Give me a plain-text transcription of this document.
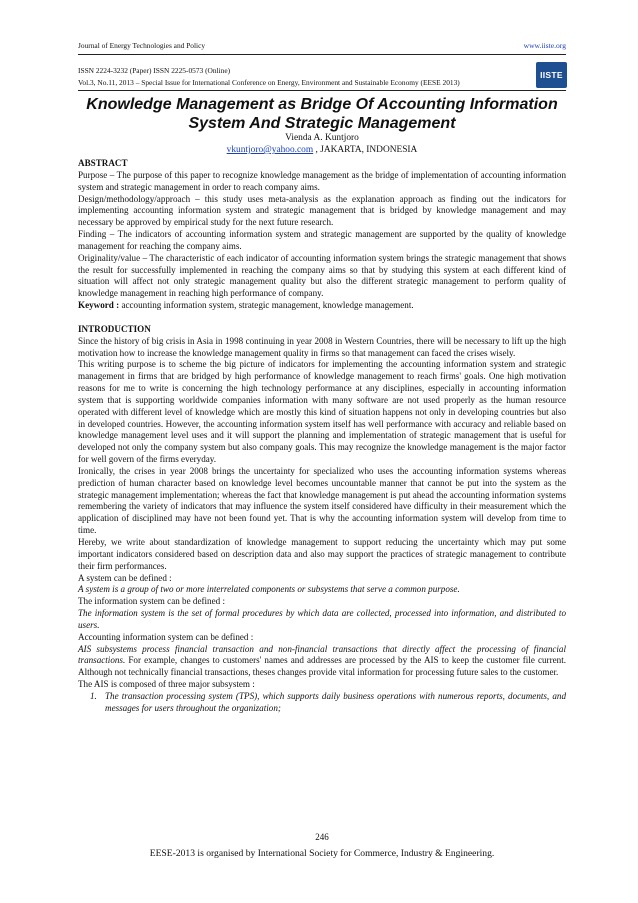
Journal of Energy Technologies and Policy	www.iiste.org
ISSN 2224-3232 (Paper) ISSN 2225-0573 (Online)
Vol.3, No.11, 2013 – Special Issue for International Conference on Energy, Environment and Sustainable Economy (EESE 2013)
IISTE
Knowledge Management as Bridge Of Accounting Information
System And Strategic Management
Vienda A. Kuntjoro
vkuntjoro@yahoo.com , JAKARTA, INDONESIA

ABSTRACT

Purpose – The purpose of this paper to recognize knowledge management as the bridge of implementation of accounting information system and strategic management in order to reach company aims.

Design/methodology/approach – this study uses meta-analysis as the explanation approach as finding out the indicators for implementing accounting information system and strategic management that is bridged by knowledge management and may necessary be approved by empirical study for the next future research.

Finding – The indicators of accounting information system and strategic management are supported by the quality of knowledge management for reaching the company aims.

Originality/value – The characteristic of each indicator of accounting information system brings the strategic management that shows the result for successfully implemented in reaching the company aims so that by studying this system at each different kind of situation will affect not only strategic management quality but also the different strategic management to perform quality of knowledge management in reaching high performance of company.

Keyword : accounting information system, strategic management, knowledge management.

INTRODUCTION

Since the history of big crisis in Asia in 1998 continuing in year 2008 in Western Countries, there will be necessary to lift up the high motivation how to increase the knowledge management quality in firms so that management can faced the crises wisely.

This writing purpose is to scheme the big picture of indicators for implementing the accounting information system and strategic management in firms that are bridged by high performance of knowledge management to reach firms' goals. One high motivation reasons for me to write is concerning the high technology performance at any disciplines, especially in accounting information system that is supporting worldwide companies information with many software are not used properly as the human resource operated with different level of knowledge which are mostly this kind of situation happens not only in developing countries but also in developed countries. However, the accounting information system itself has well performance with accuracy and reliable based on knowledge management level uses and it will support the planning and implementation of strategic management that is useful for developed not only the company system but also company goals. This may recognize the knowledge management is the major factor for well govern of the firms everyday.

Ironically, the crises in year 2008 brings the uncertainty for specialized who uses the accounting information systems whereas prediction of human character based on knowledge level becomes uncountable manner that cannot be put into the system as the strategic management implementation; whereas the fact that knowledge management is put ahead the accounting information systems remembering the variety of indicators that may influence the system itself considered have difficulty in their measurement which the application of disciplined may have not been found yet. That is why the accounting information system will develop from time to time.

Hereby, we write about standardization of knowledge management to support reducing the uncertainty which may put some important indicators considered based on description data and also may support the practices of strategic management to contribute their firm performances.

A system can be defined :

A system is a group of two or more interrelated components or subsystems that serve a common purpose.

The information system can be defined :

The information system is the set of formal procedures by which data are collected, processed into information, and distributed to users.

Accounting information system can be defined :

AIS subsystems process financial transaction and non-financial transactions that directly affect the processing of financial transactions. For example, changes to customers' names and addresses are processed by the AIS to keep the customer file current. Although not technically financial transactions, theses changes provide vital information for processing future sales to the customer.

The AIS is composed of three major subsystem :

1. The transaction processing system (TPS), which supports daily business operations with numerous reports, documents, and messages for users throughout the organization;
246
EESE-2013 is organised by International Society for Commerce, Industry & Engineering.
